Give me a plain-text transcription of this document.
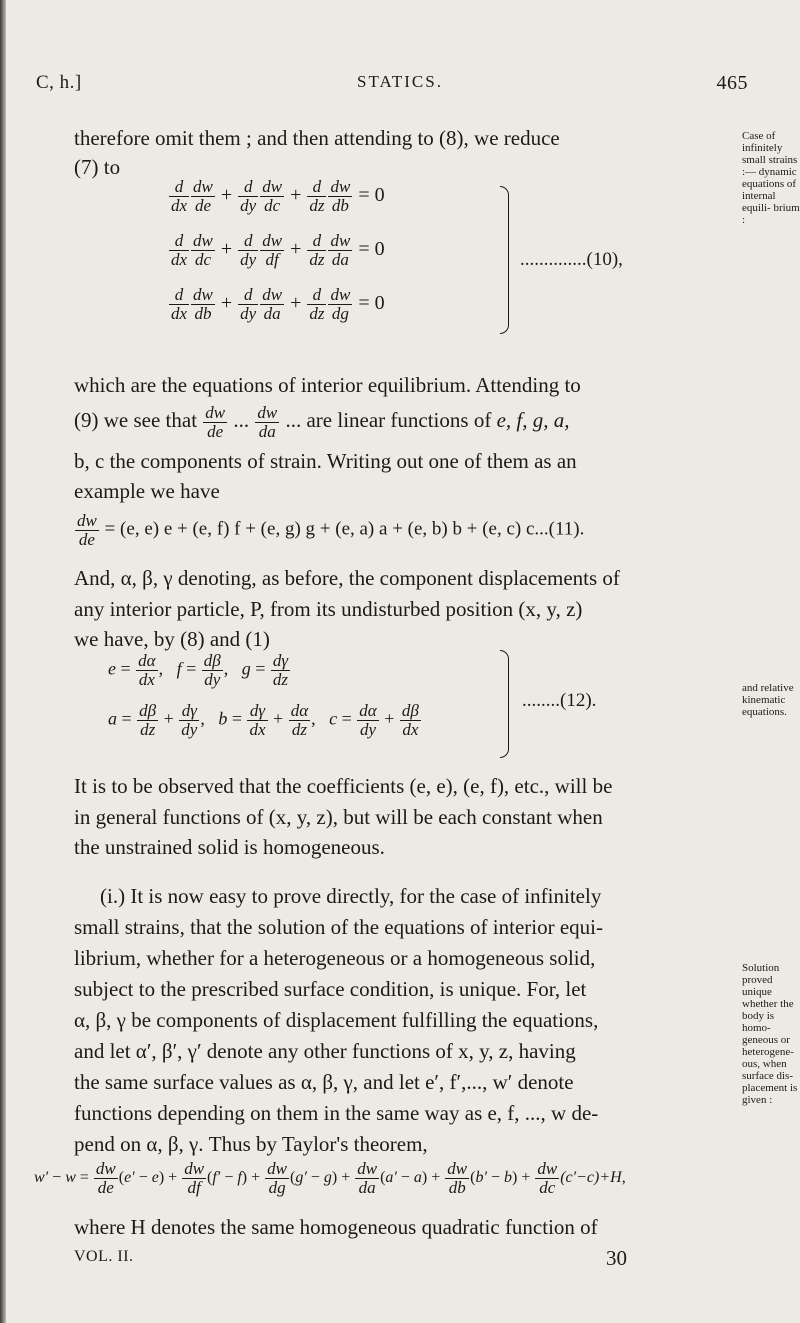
C, h.]	STATICS.	465
therefore omit them ; and then attending to (8), we reduce
(7) to
$\frac{d}{dx} \frac{dw}{de} + \frac{d}{dy} \frac{dw}{dc} + \frac{d}{dz} \frac{dw}{db} = 0$
$\frac{d}{dx} \frac{dw}{dc} + \frac{d}{dy} \frac{dw}{df} + \frac{d}{dz} \frac{dw}{da} = 0$
$\frac{d}{dx} \frac{dw}{db} + \frac{d}{dy} \frac{dw}{da} + \frac{d}{dz} \frac{dw}{dg} = 0$
..............(10),
which are the equations of interior equilibrium. Attending to
(9) we see that $\frac{dw}{de}$ ... $\frac{dw}{da}$ ... are linear functions of e, f, g, a,
b, c the components of strain. Writing out one of them as an
example we have
$\frac{dw}{de} = (e$, e) e + (e, f) f + (e, g) g + (e, a) a + (e, b) b + (e, c) c...(11).
And, α, β, γ denoting, as before, the component displacements of
any interior particle, P, from its undisturbed position (x, y, z)
we have, by (8) and (1)
$e = \frac{d\alpha}{dx}$ ,   $f = \frac{d\beta}{dy}$ ,   $g = \frac{d\gamma}{dz}$
$a = \frac{d\beta}{dz} + \frac{d\gamma}{dy}$ ,   $b = \frac{d\gamma}{dx} + \frac{d\alpha}{dz}$ ,   $c = \frac{d\alpha}{dy} + \frac{d\beta}{dx}$
........(12).
It is to be observed that the coefficients (e, e), (e, f), etc., will be
in general functions of (x, y, z), but will be each constant when
the unstrained solid is homogeneous.
(i.) It is now easy to prove directly, for the case of infinitely
small strains, that the solution of the equations of interior equi-
librium, whether for a heterogeneous or a homogeneous solid,
subject to the prescribed surface condition, is unique. For, let
α, β, γ be components of displacement fulfilling the equations,
and let α′, β′, γ′ denote any other functions of x, y, z, having
the same surface values as α, β, γ, and let e′, f′,..., w′ denote
functions depending on them in the same way as e, f, ..., w de-
pend on α, β, γ. Thus by Taylor's theorem,
$w' - w = \frac{dw}{de} (e' - e) + \frac{dw}{df} (f' - f) + \frac{dw}{dg} (g' - g) + \frac{dw}{da} (a' - a) + \frac{dw}{db} (b' - b) + \frac{dw}{dc} (c'-c)+H$,
where H denotes the same homogeneous quadratic function of
VOL. II.	30
Case of infinitely small strains :— dynamic equations of internal equili- brium :
and relative kinematic equations.
Solution proved unique whether the body is homo- geneous or heterogene- ous, when surface dis- placement is given :
